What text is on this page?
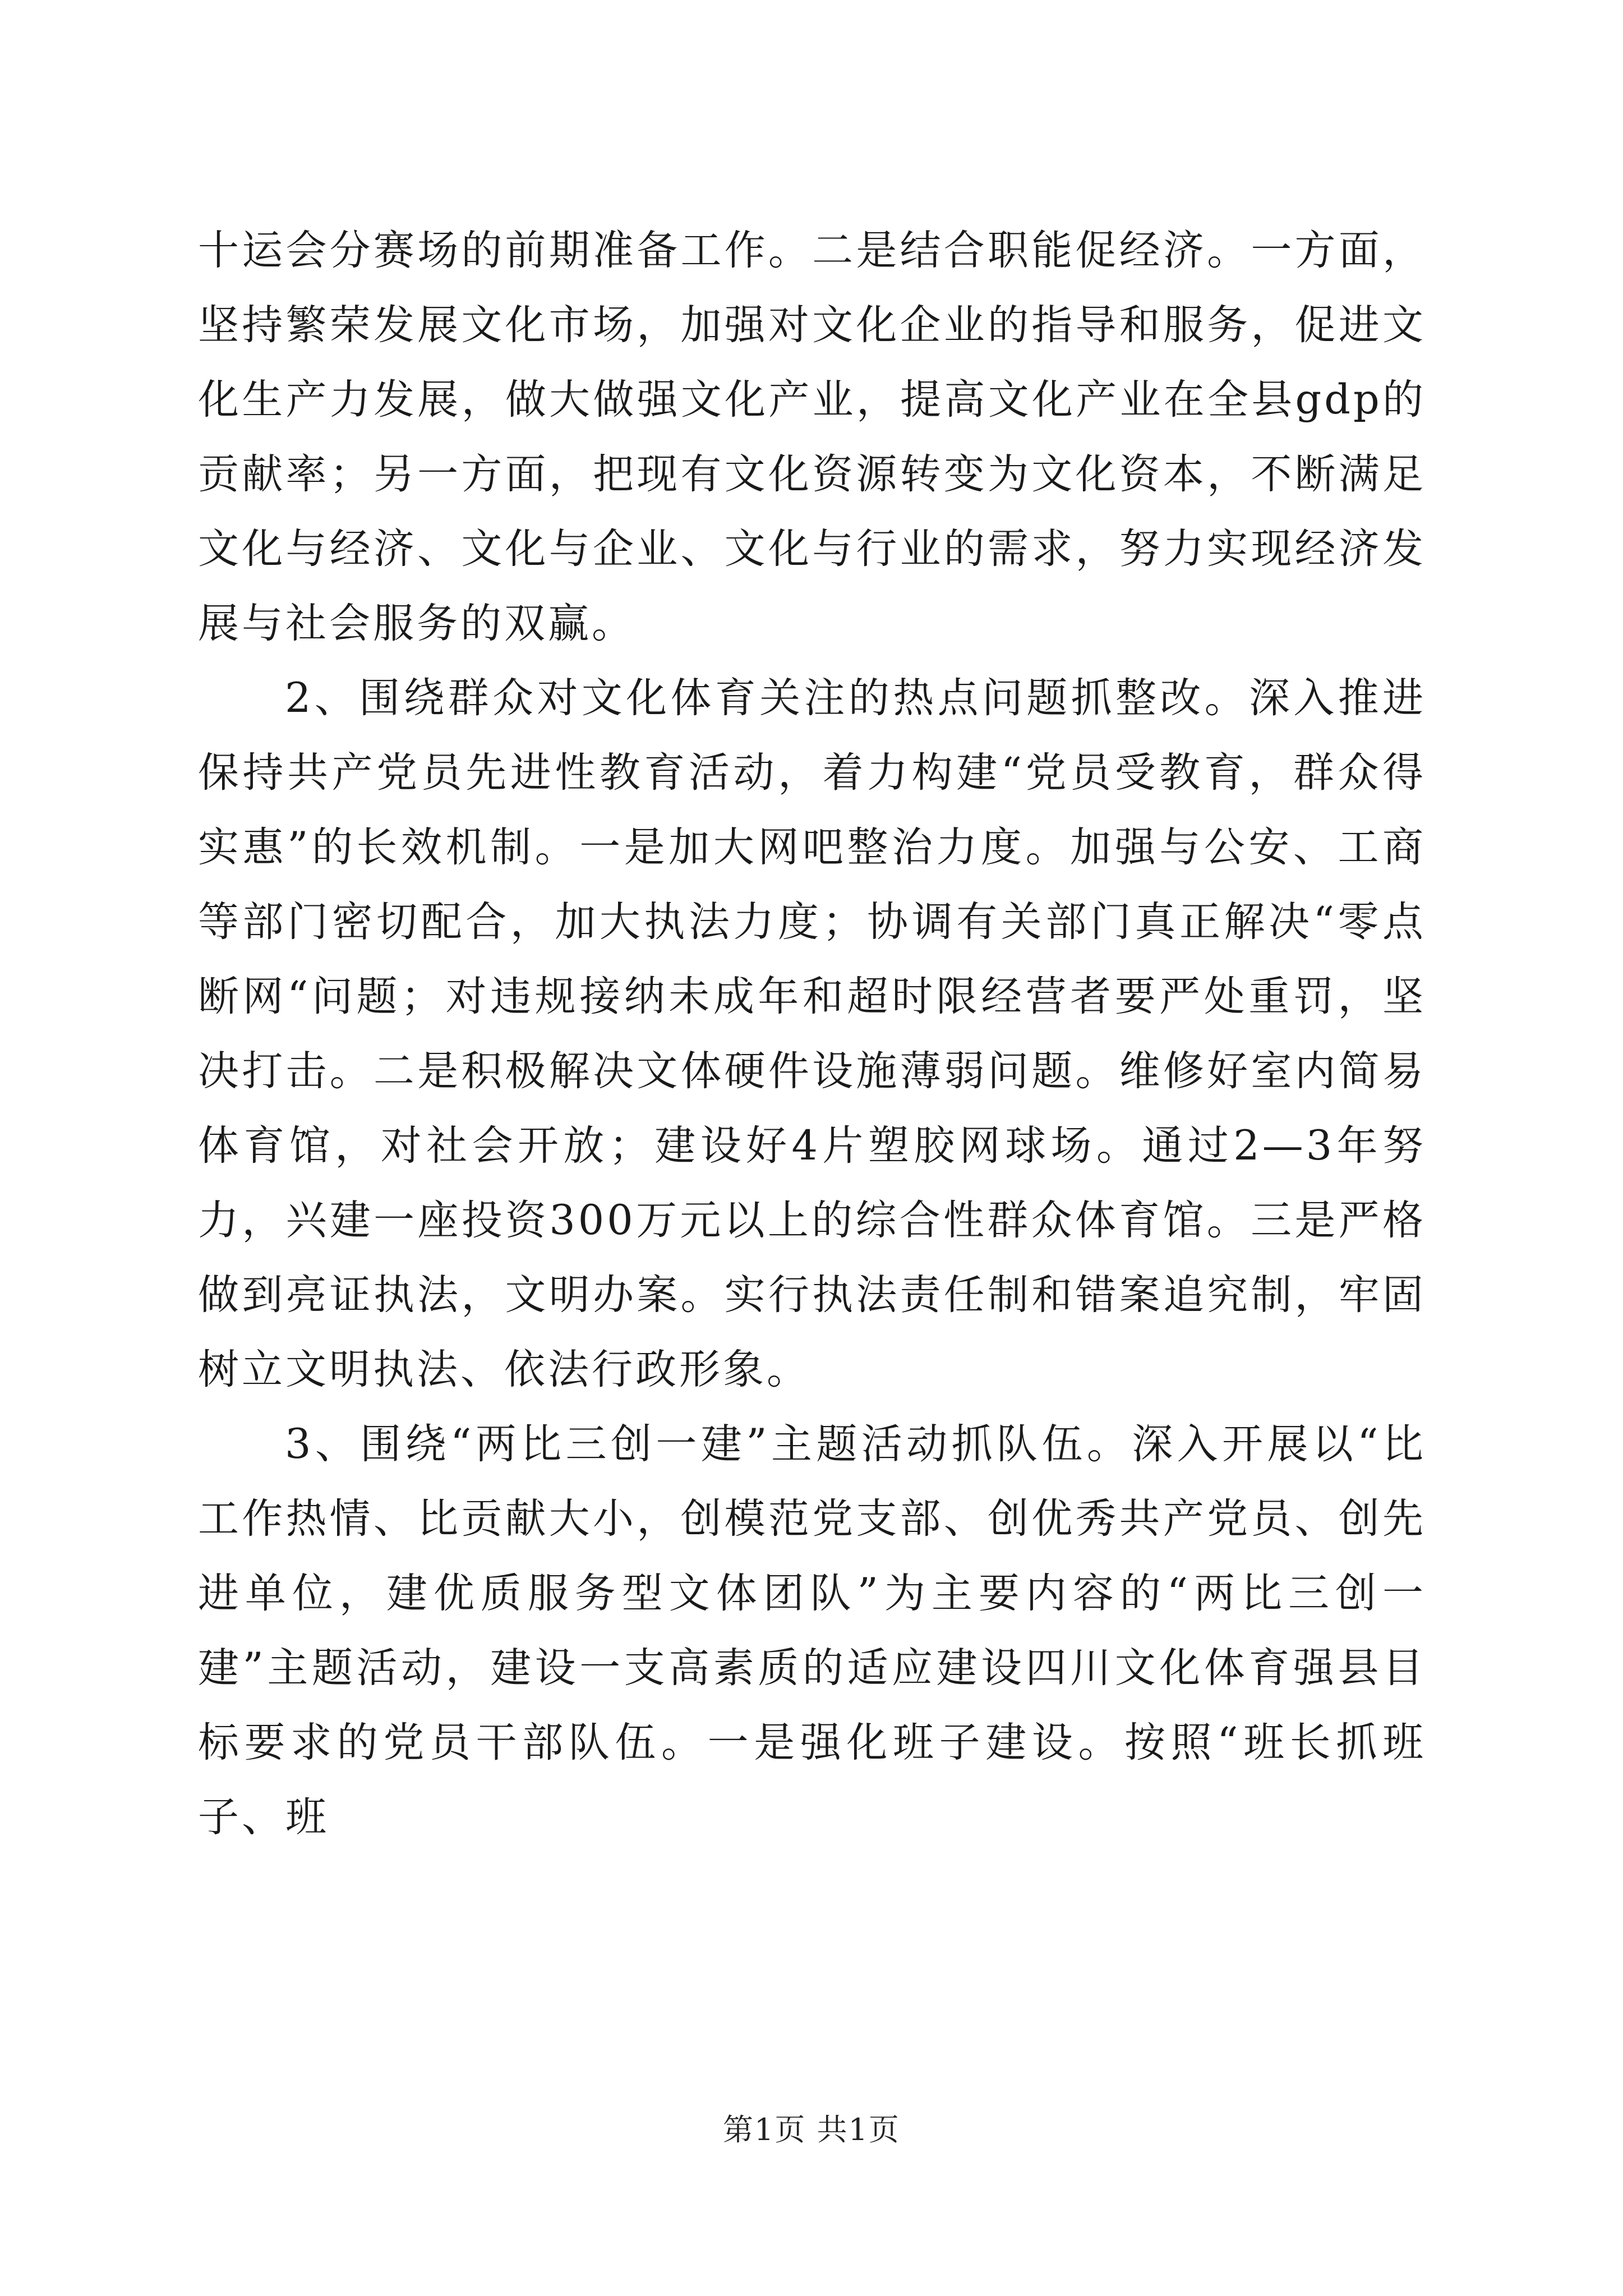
十运会分赛场的前期准备工作。二是结合职能促经济。一方面，坚持繁荣发展文化市场，加强对文化企业的指导和服务，促进文化生产力发展，做大做强文化产业，提高文化产业在全县gdp的贡献率；另一方面，把现有文化资源转变为文化资本，不断满足文化与经济、文化与企业、文化与行业的需求，努力实现经济发展与社会服务的双赢。

2、围绕群众对文化体育关注的热点问题抓整改。深入推进保持共产党员先进性教育活动，着力构建“党员受教育，群众得实惠”的长效机制。一是加大网吧整治力度。加强与公安、工商等部门密切配合，加大执法力度；协调有关部门真正解决“零点断网“问题；对违规接纳未成年和超时限经营者要严处重罚，坚决打击。二是积极解决文体硬件设施薄弱问题。维修好室内简易体育馆，对社会开放；建设好4片塑胶网球场。通过2—3年努力，兴建一座投资300万元以上的综合性群众体育馆。三是严格做到亮证执法，文明办案。实行执法责任制和错案追究制，牢固树立文明执法、依法行政形象。

3、围绕“两比三创一建”主题活动抓队伍。深入开展以“比工作热情、比贡献大小，创模范党支部、创优秀共产党员、创先进单位，建优质服务型文体团队”为主要内容的“两比三创一建”主题活动，建设一支高素质的适应建设四川文化体育强县目标要求的党员干部队伍。一是强化班子建设。按照“班长抓班子、班

第1页 共1页
